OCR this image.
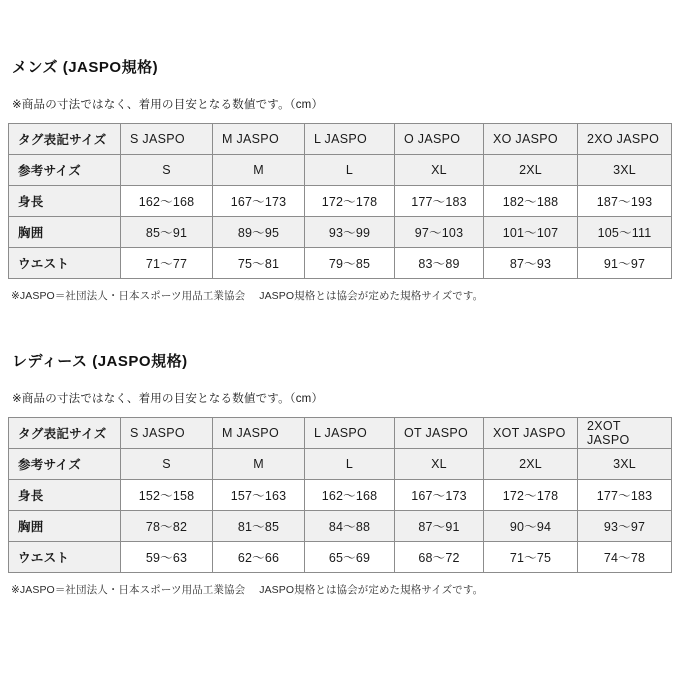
メンズ (JASPO規格)

※商品の寸法ではなく、着用の目安となる数値です。（cm）

タグ表記サイズ	S JASPO	M JASPO	L JASPO	O JASPO	XO JASPO	2XO JASPO
参考サイズ	S	M	L	XL	2XL	3XL
身長	162〜168	167〜173	172〜178	177〜183	182〜188	187〜193
胸囲	85〜91	89〜95	93〜99	97〜103	101〜107	105〜111
ウエスト	71〜77	75〜81	79〜85	83〜89	87〜93	91〜97

※JASPO＝社団法人・日本スポーツ用品工業協会 JASPO規格とは協会が定めた規格サイズです。

レディース (JASPO規格)

※商品の寸法ではなく、着用の目安となる数値です。（cm）

タグ表記サイズ	S JASPO	M JASPO	L JASPO	OT JASPO	XOT JASPO	2XOT JASPO
参考サイズ	S	M	L	XL	2XL	3XL
身長	152〜158	157〜163	162〜168	167〜173	172〜178	177〜183
胸囲	78〜82	81〜85	84〜88	87〜91	90〜94	93〜97
ウエスト	59〜63	62〜66	65〜69	68〜72	71〜75	74〜78

※JASPO＝社団法人・日本スポーツ用品工業協会 JASPO規格とは協会が定めた規格サイズです。
